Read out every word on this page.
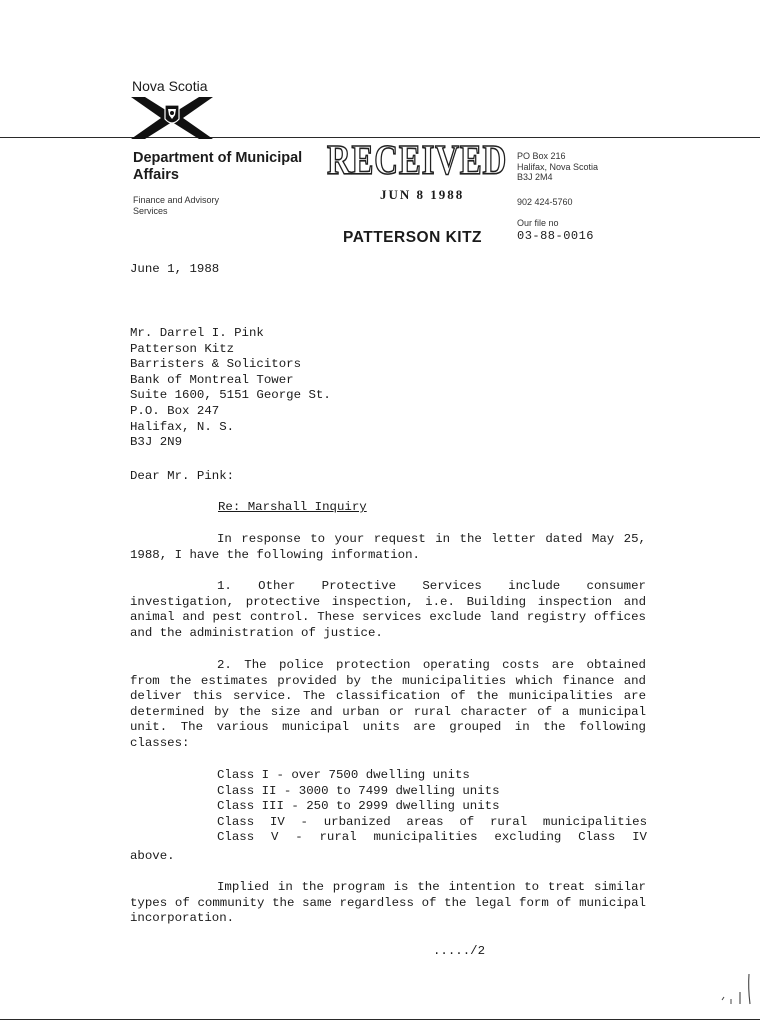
Nova Scotia
Department of Municipal Affairs
Finance and Advisory Services
PO Box 216
Halifax, Nova Scotia
B3J 2M4
902 424-5760
Our file no
03-88-0016
RECEIVED
JUN 8 1988
PATTERSON KITZ
June 1, 1988
Mr. Darrel I. Pink
Patterson Kitz
Barristers & Solicitors
Bank of Montreal Tower
Suite 1600, 5151 George St.
P.O. Box 247
Halifax, N. S.
B3J 2N9
Dear Mr. Pink:
Re: Marshall Inquiry
In response to your request in the letter dated May 25, 1988, I have the following information.
1. Other Protective Services include consumer investigation, protective inspection, i.e. Building inspection and animal and pest control. These services exclude land registry offices and the administration of justice.
2. The police protection operating costs are obtained from the estimates provided by the municipalities which finance and deliver this service. The classification of the municipalities are determined by the size and urban or rural character of a municipal unit. The various municipal units are grouped in the following classes:
Class I - over 7500 dwelling units
Class II - 3000 to 7499 dwelling units
Class III - 250 to 2999 dwelling units
Class IV - urbanized areas of rural municipalities
Class V - rural municipalities excluding Class IV
above.
Implied in the program is the intention to treat similar types of community the same regardless of the legal form of municipal incorporation.
...../2
